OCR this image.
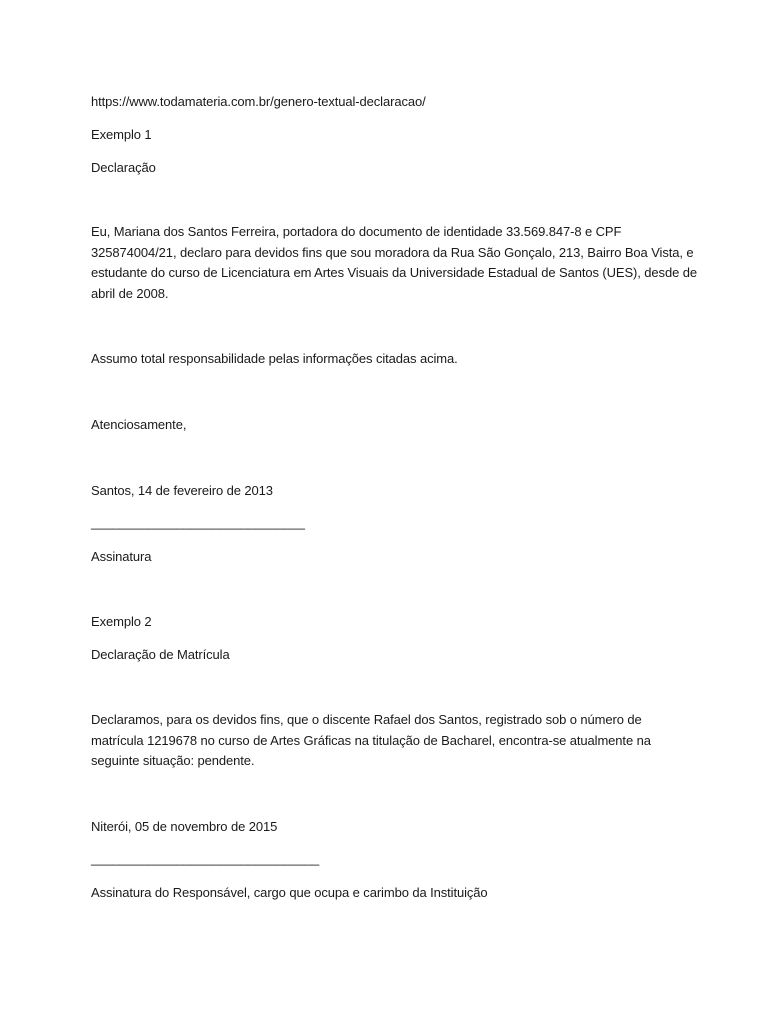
https://www.todamateria.com.br/genero-textual-declaracao/

Exemplo 1

Declaração

Eu, Mariana dos Santos Ferreira, portadora do documento de identidade 33.569.847-8 e CPF
325874004/21, declaro para devidos fins que sou moradora da Rua São Gonçalo, 213, Bairro Boa Vista, e
estudante do curso de Licenciatura em Artes Visuais da Universidade Estadual de Santos (UES), desde de
abril de 2008.

Assumo total responsabilidade pelas informações citadas acima.

Atenciosamente,

Santos, 14 de fevereiro de 2013

______________________________

Assinatura

Exemplo 2

Declaração de Matrícula

Declaramos, para os devidos fins, que o discente Rafael dos Santos, registrado sob o número de
matrícula 1219678 no curso de Artes Gráficas na titulação de Bacharel, encontra-se atualmente na
seguinte situação: pendente.

Niterói, 05 de novembro de 2015

________________________________

Assinatura do Responsável, cargo que ocupa e carimbo da Instituição
